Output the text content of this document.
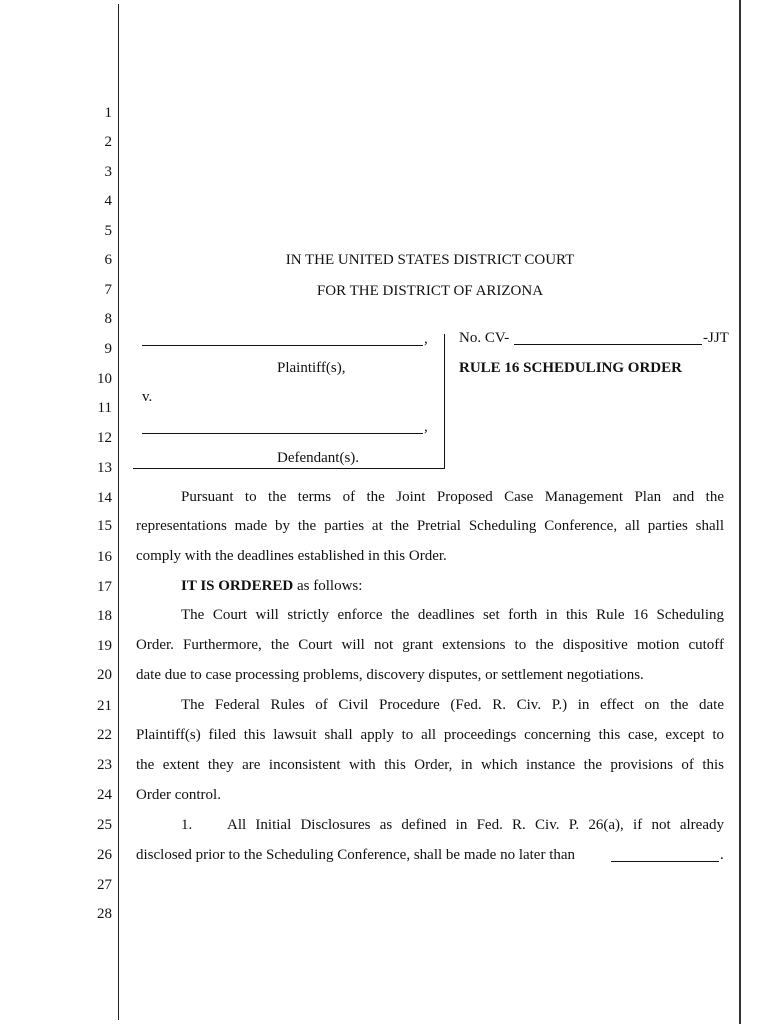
1
2
3
4
5
6
7
8
9
10
11
12
13
14
15
16
17
18
19
20
21
22
23
24
25
26
27
28
IN THE UNITED STATES DISTRICT COURT
FOR THE DISTRICT OF ARIZONA
,
Plaintiff(s),
v.
,
Defendant(s).
No. CV-	-JJT
RULE 16 SCHEDULING ORDER
Pursuant to the terms of the Joint Proposed Case Management Plan and the
representations made by the parties at the Pretrial Scheduling Conference, all parties shall
comply with the deadlines established in this Order.
IT IS ORDERED as follows:
The Court will strictly enforce the deadlines set forth in this Rule 16 Scheduling
Order. Furthermore, the Court will not grant extensions to the dispositive motion cutoff
date due to case processing problems, discovery disputes, or settlement negotiations.
The Federal Rules of Civil Procedure (Fed. R. Civ. P.) in effect on the date
Plaintiff(s) filed this lawsuit shall apply to all proceedings concerning this case, except to
the extent they are inconsistent with this Order, in which instance the provisions of this
Order control.
1. All Initial Disclosures as defined in Fed. R. Civ. P. 26(a), if not already
disclosed prior to the Scheduling Conference, shall be made no later than	.
